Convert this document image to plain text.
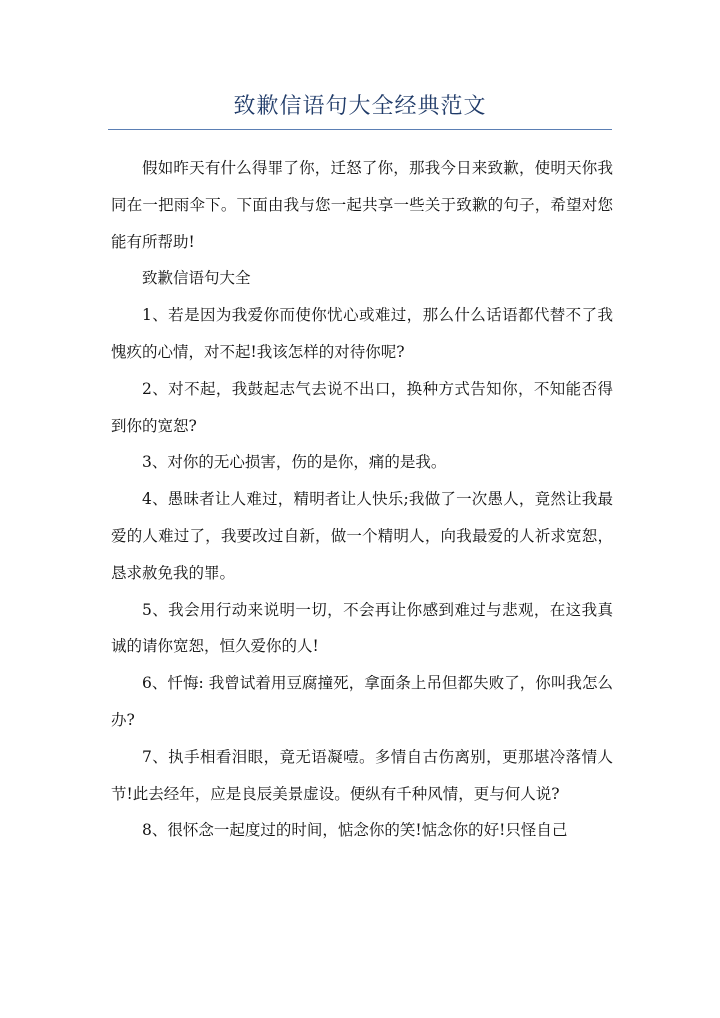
致歉信语句大全经典范文

假如昨天有什么得罪了你，迁怒了你，那我今日来致歉，使明天你我同在一把雨伞下。下面由我与您一起共享一些关于致歉的句子，希望对您能有所帮助!

致歉信语句大全

1、若是因为我爱你而使你忧心或难过，那么什么话语都代替不了我愧疚的心情，对不起!我该怎样的对待你呢?

2、对不起，我鼓起志气去说不出口，换种方式告知你，不知能否得到你的宽恕?

3、对你的无心损害，伤的是你，痛的是我。

4、愚昧者让人难过，精明者让人快乐;我做了一次愚人，竟然让我最爱的人难过了，我要改过自新，做一个精明人，向我最爱的人祈求宽恕，恳求赦免我的罪。

5、我会用行动来说明一切，不会再让你感到难过与悲观，在这我真诚的请你宽恕，恒久爱你的人!

6、忏悔: 我曾试着用豆腐撞死，拿面条上吊但都失败了，你叫我怎么办?

7、执手相看泪眼，竟无语凝噎。多情自古伤离别，更那堪冷落情人节!此去经年，应是良辰美景虚设。便纵有千种风情，更与何人说?

8、很怀念一起度过的时间，惦念你的笑!惦念你的好!只怪自己
